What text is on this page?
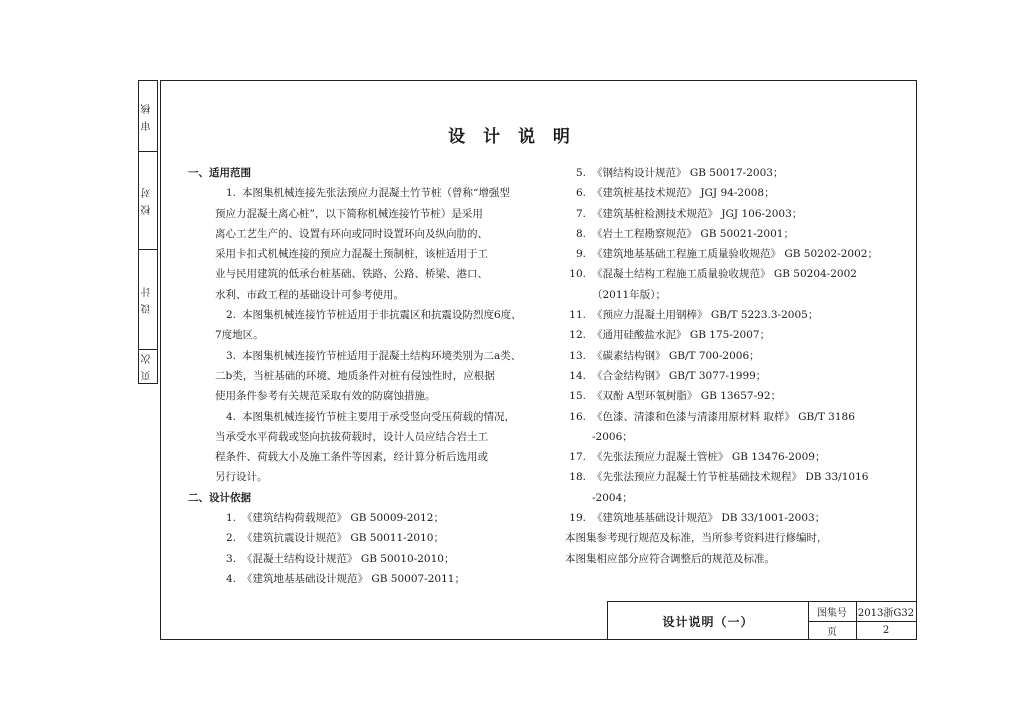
审 核
校 对
设 计
页 次
设 计 说 明

一、适用范围

1. 本图集机械连接先张法预应力混凝土竹节桩（曾称“增强型

预应力混凝土离心桩”，以下简称机械连接竹节桩）是采用

离心工艺生产的、设置有环向或同时设置环向及纵向肋的、

采用卡扣式机械连接的预应力混凝土预制桩，该桩适用于工

业与民用建筑的低承台桩基础、铁路、公路、桥梁、港口、

水利、市政工程的基础设计可参考使用。

2. 本图集机械连接竹节桩适用于非抗震区和抗震设防烈度6度、

7度地区。

3. 本图集机械连接竹节桩适用于混凝土结构环境类别为二a类、

二b类，当桩基础的环境、地质条件对桩有侵蚀性时，应根据

使用条件参考有关规范采取有效的防腐蚀措施。

4. 本图集机械连接竹节桩主要用于承受竖向受压荷载的情况，

当承受水平荷载或竖向抗拔荷载时，设计人员应结合岩土工

程条件、荷载大小及施工条件等因素，经计算分析后选用或

另行设计。

二、设计依据

1. 《建筑结构荷载规范》 GB 50009-2012；

2. 《建筑抗震设计规范》 GB 50011-2010；

3. 《混凝土结构设计规范》 GB 50010-2010；

4. 《建筑地基基础设计规范》 GB 50007-2011；

5. 《钢结构设计规范》 GB 50017-2003；

6. 《建筑桩基技术规范》 JGJ 94-2008；

7. 《建筑基桩检测技术规范》 JGJ 106-2003；

8. 《岩土工程勘察规范》 GB 50021-2001；

9. 《建筑地基基础工程施工质量验收规范》 GB 50202-2002；

10. 《混凝土结构工程施工质量验收规范》 GB 50204-2002

（2011年版）；

11. 《预应力混凝土用钢棒》 GB/T 5223.3-2005；

12. 《通用硅酸盐水泥》 GB 175-2007；

13. 《碳素结构钢》 GB/T 700-2006；

14. 《合金结构钢》 GB/T 3077-1999；

15. 《双酚 A型环氧树脂》 GB 13657-92；

16. 《色漆、清漆和色漆与清漆用原材料 取样》 GB/T 3186

-2006；

17. 《先张法预应力混凝土管桩》 GB 13476-2009；

18. 《先张法预应力混凝土竹节桩基础技术规程》 DB 33/1016

-2004；

19. 《建筑地基基础设计规范》 DB 33/1001-2003；

本图集参考现行规范及标准，当所参考资料进行修编时，

本图集相应部分应符合调整后的规范及标准。

设计说明（一）
图集号	2013浙G32
页	2
